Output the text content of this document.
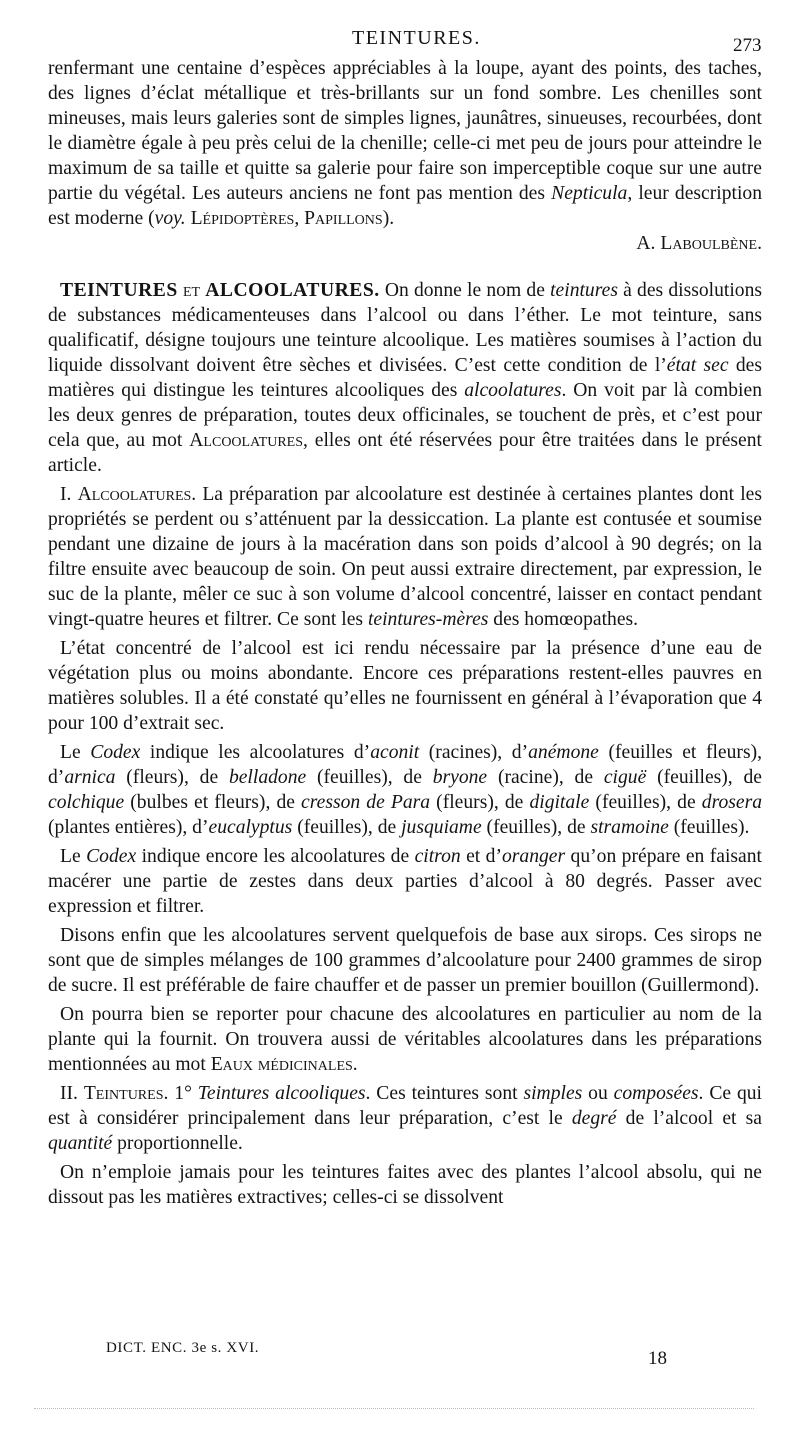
TEINTURES.	273

renfermant une centaine d’espèces appréciables à la loupe, ayant des points, des taches, des lignes d’éclat métallique et très-brillants sur un fond sombre. Les chenilles sont mineuses, mais leurs galeries sont de simples lignes, jaunâtres, sinueuses, recourbées, dont le diamètre égale à peu près celui de la chenille; celle-ci met peu de jours pour atteindre le maximum de sa taille et quitte sa galerie pour faire son imperceptible coque sur une autre partie du végétal. Les auteurs anciens ne font pas mention des Nepticula, leur description est moderne (voy. Lépidoptères, Papillons).
A. Laboulbène.

TEINTURES et ALCOOLATURES. On donne le nom de teintures à des dissolutions de substances médicamenteuses dans l’alcool ou dans l’éther. Le mot teinture, sans qualificatif, désigne toujours une teinture alcoolique. Les matières soumises à l’action du liquide dissolvant doivent être sèches et divisées. C’est cette condition de l’état sec des matières qui distingue les teintures alcooliques des alcoolatures. On voit par là combien les deux genres de préparation, toutes deux officinales, se touchent de près, et c’est pour cela que, au mot Alcoolatures, elles ont été réservées pour être traitées dans le présent article.

I. Alcoolatures. La préparation par alcoolature est destinée à certaines plantes dont les propriétés se perdent ou s’atténuent par la dessiccation. La plante est contusée et soumise pendant une dizaine de jours à la macération dans son poids d’alcool à 90 degrés; on la filtre ensuite avec beaucoup de soin. On peut aussi extraire directement, par expression, le suc de la plante, mêler ce suc à son volume d’alcool concentré, laisser en contact pendant vingt-quatre heures et filtrer. Ce sont les teintures-mères des homœopathes.

L’état concentré de l’alcool est ici rendu nécessaire par la présence d’une eau de végétation plus ou moins abondante. Encore ces préparations restent-elles pauvres en matières solubles. Il a été constaté qu’elles ne fournissent en général à l’évaporation que 4 pour 100 d’extrait sec.

Le Codex indique les alcoolatures d’aconit (racines), d’anémone (feuilles et fleurs), d’arnica (fleurs), de belladone (feuilles), de bryone (racine), de ciguë (feuilles), de colchique (bulbes et fleurs), de cresson de Para (fleurs), de digitale (feuilles), de drosera (plantes entières), d’eucalyptus (feuilles), de jusquiame (feuilles), de stramoine (feuilles).

Le Codex indique encore les alcoolatures de citron et d’oranger qu’on prépare en faisant macérer une partie de zestes dans deux parties d’alcool à 80 degrés. Passer avec expression et filtrer.

Disons enfin que les alcoolatures servent quelquefois de base aux sirops. Ces sirops ne sont que de simples mélanges de 100 grammes d’alcoolature pour 2400 grammes de sirop de sucre. Il est préférable de faire chauffer et de passer un premier bouillon (Guillermond).

On pourra bien se reporter pour chacune des alcoolatures en particulier au nom de la plante qui la fournit. On trouvera aussi de véritables alcoolatures dans les préparations mentionnées au mot Eaux médicinales.

II. Teintures. 1° Teintures alcooliques. Ces teintures sont simples ou composées. Ce qui est à considérer principalement dans leur préparation, c’est le degré de l’alcool et sa quantité proportionnelle.

On n’emploie jamais pour les teintures faites avec des plantes l’alcool absolu, qui ne dissout pas les matières extractives; celles-ci se dissolvent

DICT. ENC. 3e s. XVI.	18
